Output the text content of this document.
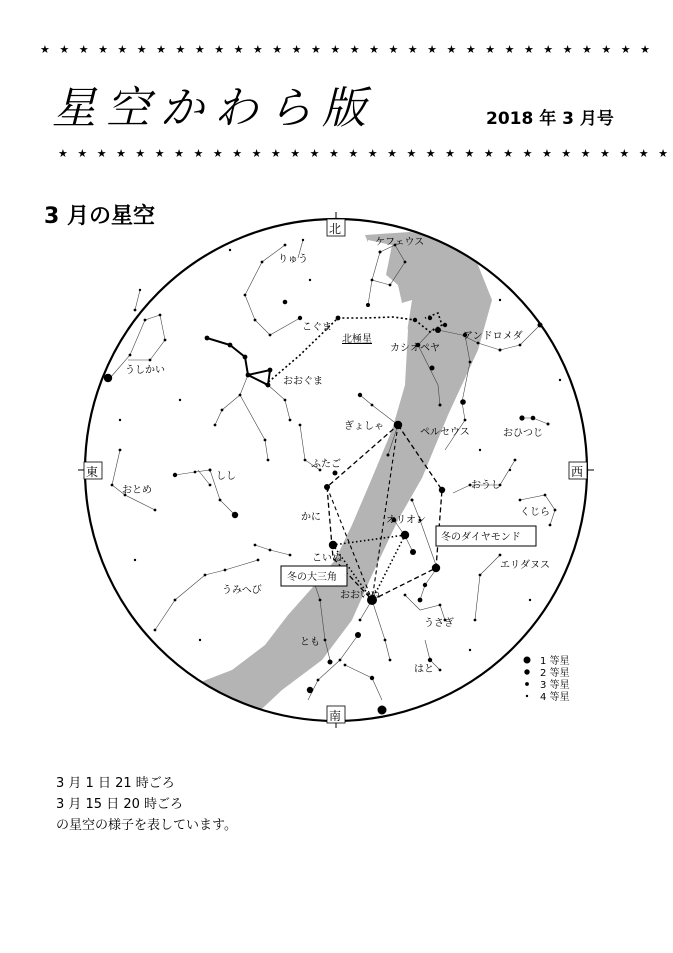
★ ★ ★ ★ ★ ★ ★ ★ ★ ★ ★ ★ ★ ★ ★ ★ ★ ★ ★ ★ ★ ★ ★ ★ ★ ★ ★ ★ ★ ★ ★ ★
星空かわら版	2018 年 3 月号
★ ★ ★ ★ ★ ★ ★ ★ ★ ★ ★ ★ ★ ★ ★ ★ ★ ★ ★ ★ ★ ★ ★ ★ ★ ★ ★ ★ ★ ★ ★ ★
3 月の星空	北
南
東	西
ケフェウス
りゅう
こぐま
北極星
カシオペヤ
アンドロメダ
うしかい
おおぐま
ぎょしゃ
ペルセウス	おひつじ
ふたご
おうし
おとめ
しし
かに	オリオン
くじら
こいぬ
エリダヌス
うみへび	おおいぬ
うさぎ
とも
はと
冬のダイヤモンド
冬の大三角
1 等星
2 等星
3 等星
4 等星
3 月 1 日 21 時ごろ
3 月 15 日 20 時ごろ
の星空の様子を表しています。
